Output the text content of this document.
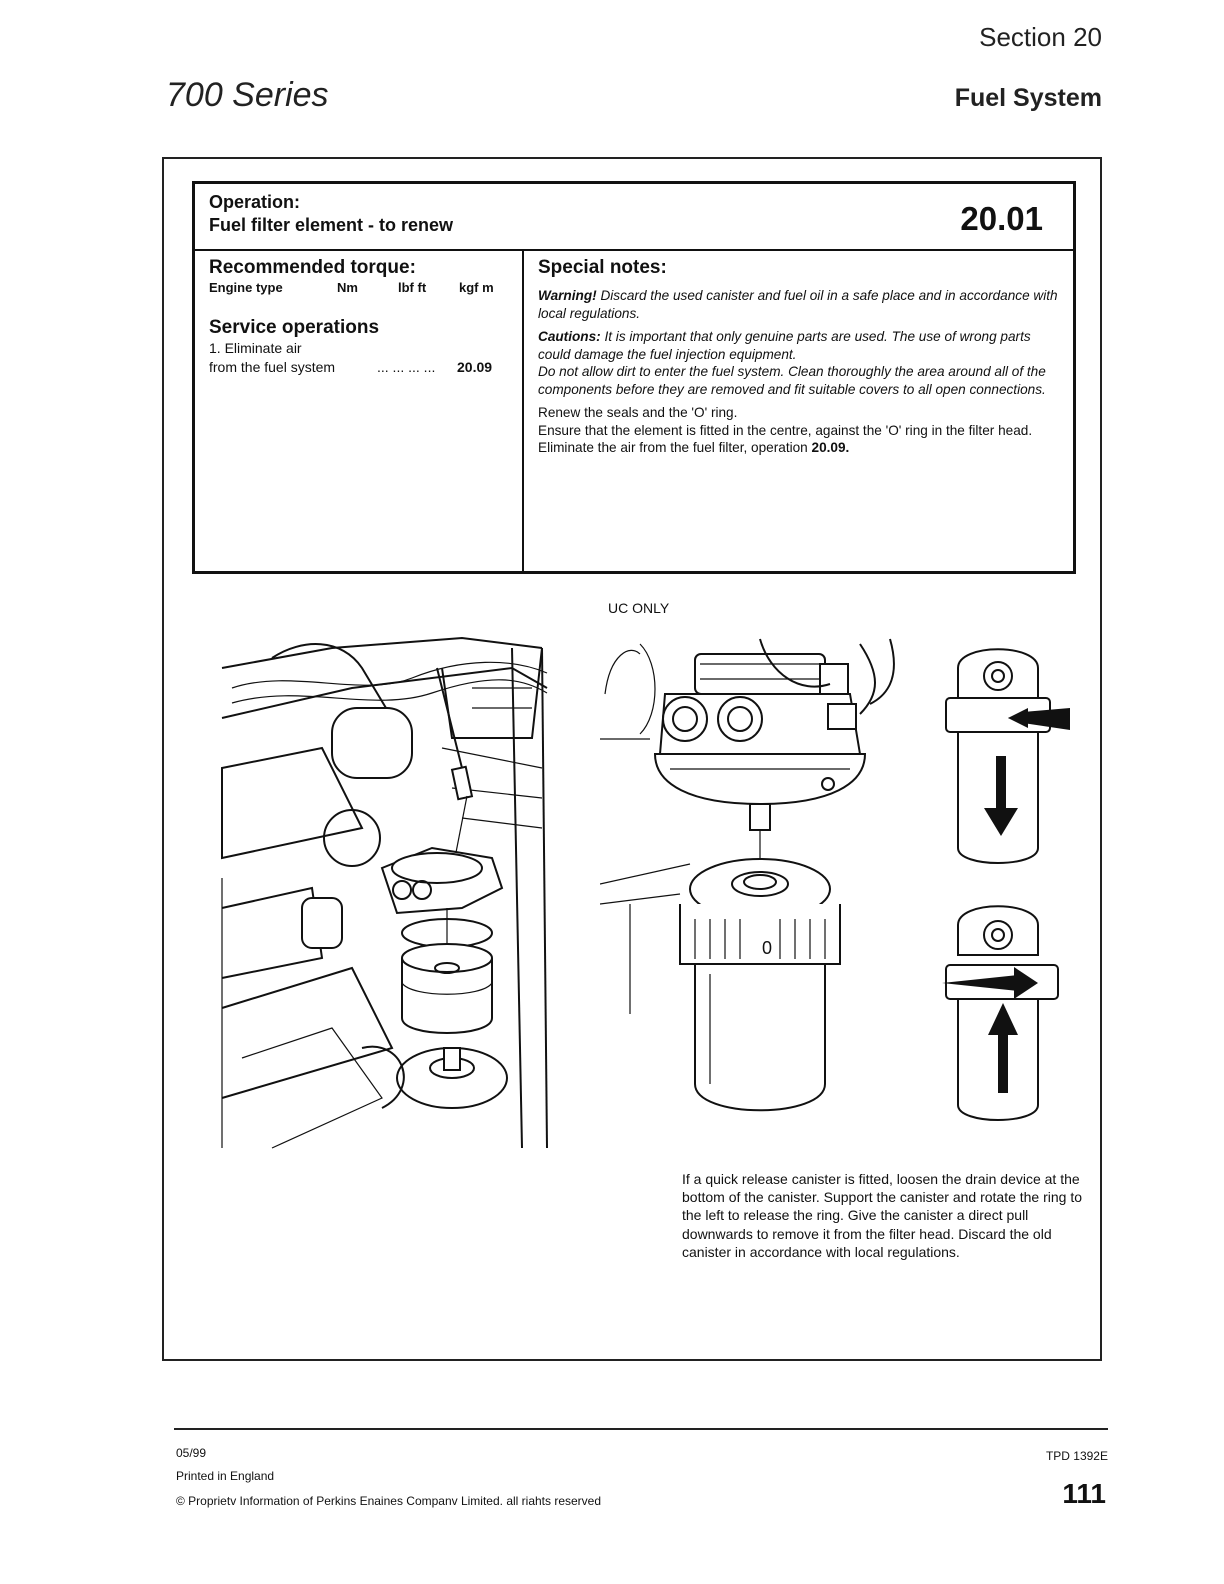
Section 20
700 Series	Fuel System
Operation:
Fuel filter element - to renew	20.01
Recommended torque:
Engine type	Nm	lbf ft	kgf m
Service operations
1. Eliminate air
from the fuel system	... ... ... ... 20.09
Special notes:

Warning! Discard the used canister and fuel oil in a safe place and in accordance with local regulations.

Cautions: It is important that only genuine parts are used. The use of wrong parts could damage the fuel injection equipment.

Do not allow dirt to enter the fuel system. Clean thoroughly the area around all of the components before they are removed and fit suitable covers to all open connections.

Renew the seals and the 'O' ring.

Ensure that the element is fitted in the centre, against the 'O' ring in the filter head.

Eliminate the air from the fuel filter, operation 20.09.

UC ONLY
0
If a quick release canister is fitted, loosen the drain device at the bottom of the canister. Support the canister and rotate the ring to the left to release the ring. Give the canister a direct pull downwards to remove it from the filter head. Discard the old canister in accordance with local regulations.
05/99
Printed in England
© Proprietv Information of Perkins Enaines Companv Limited. all riahts reserved
TPD 1392E
111
